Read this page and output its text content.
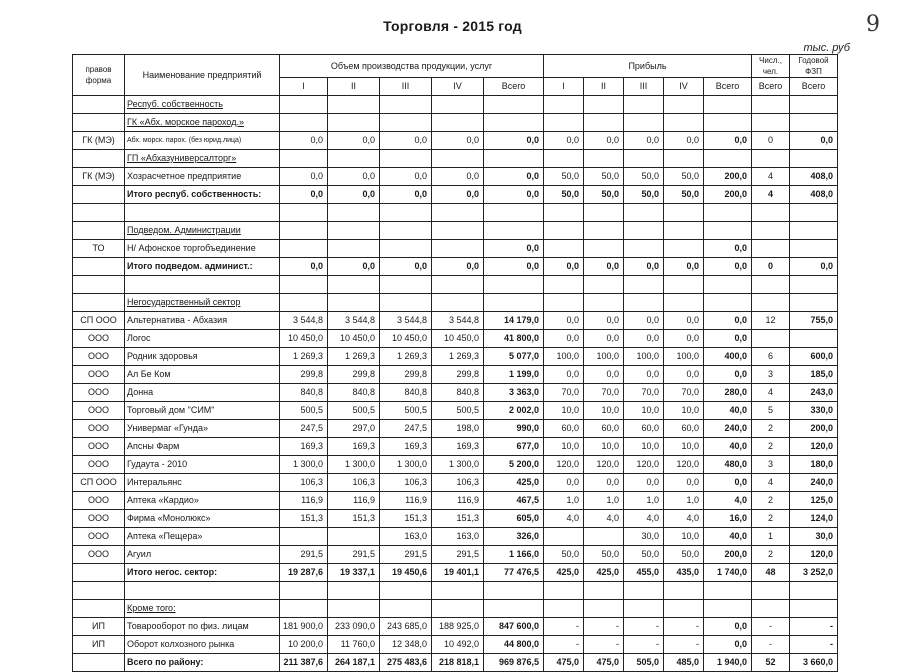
Торговля - 2015 год	9
тыс. руб
правов форма	Наименование предприятий	Объем производства продукции, услуг					Прибыль					Числ., чел.	Годовой ФЗП
		I	II	III	IV	Всего	I	II	III	IV	Всего	Всего	Всего
	Респуб. собственность												
	ГК «Абх. морское пароход.»												
ГК (МЭ)	Абх. морск. пароx. (без юрид.лица)	0,0	0,0	0,0	0,0	0,0	0,0	0,0	0,0	0,0	0,0	0	0,0
	ГП «Абхазуниверсалторг»												
ГК (МЭ)	Хозрасчетное предприятие	0,0	0,0	0,0	0,0	0,0	50,0	50,0	50,0	50,0	200,0	4	408,0
	Итого респуб. собственность:	0,0	0,0	0,0	0,0	0,0	50,0	50,0	50,0	50,0	200,0	4	408,0

	Подведом. Администрации												
ТО	Н/ Афонское торгобъединение					0,0					0,0		
	Итого подведом. админист.:	0,0	0,0	0,0	0,0	0,0	0,0	0,0	0,0	0,0	0,0	0	0,0

	Негосударственный сектор												
СП ООО	Альтернатива - Абхазия	3 544,8	3 544,8	3 544,8	3 544,8	14 179,0	0,0	0,0	0,0	0,0	0,0	12	755,0
ООО	Логос	10 450,0	10 450,0	10 450,0	10 450,0	41 800,0	0,0	0,0	0,0	0,0	0,0		
ООО	Родник здоровья	1 269,3	1 269,3	1 269,3	1 269,3	5 077,0	100,0	100,0	100,0	100,0	400,0	6	600,0
ООО	Ал Бе Ком	299,8	299,8	299,8	299,8	1 199,0	0,0	0,0	0,0	0,0	0,0	3	185,0
ООО	Донна	840,8	840,8	840,8	840,8	3 363,0	70,0	70,0	70,0	70,0	280,0	4	243,0
ООО	Торговый дом "СИМ"	500,5	500,5	500,5	500,5	2 002,0	10,0	10,0	10,0	10,0	40,0	5	330,0
ООО	Универмаг «Гунда»	247,5	297,0	247,5	198,0	990,0	60,0	60,0	60,0	60,0	240,0	2	200,0
ООО	Апсны Фарм	169,3	169,3	169,3	169,3	677,0	10,0	10,0	10,0	10,0	40,0	2	120,0
ООО	Гудаута - 2010	1 300,0	1 300,0	1 300,0	1 300,0	5 200,0	120,0	120,0	120,0	120,0	480,0	3	180,0
СП ООО	Интеральянс	106,3	106,3	106,3	106,3	425,0	0,0	0,0	0,0	0,0	0,0	4	240,0
ООО	Аптека «Кардио»	116,9	116,9	116,9	116,9	467,5	1,0	1,0	1,0	1,0	4,0	2	125,0
ООО	Фирма «Монолюкс»	151,3	151,3	151,3	151,3	605,0	4,0	4,0	4,0	4,0	16,0	2	124,0
ООО	Аптека «Пещера»			163,0	163,0	326,0			30,0	10,0	40,0	1	30,0
ООО	Агуил	291,5	291,5	291,5	291,5	1 166,0	50,0	50,0	50,0	50,0	200,0	2	120,0
	Итого негос. сектор:	19 287,6	19 337,1	19 450,6	19 401,1	77 476,5	425,0	425,0	455,0	435,0	1 740,0	48	3 252,0

	Кроме того:												
ИП	Товарооборот по физ. лицам	181 900,0	233 090,0	243 685,0	188 925,0	847 600,0	-	-	-	-	0,0	-	-
ИП	Оборот колхозного рынка	10 200,0	11 760,0	12 348,0	10 492,0	44 800,0	-	-	-	-	0,0	-	-
	Всего по району:	211 387,6	264 187,1	275 483,6	218 818,1	969 876,5	475,0	475,0	505,0	485,0	1 940,0	52	3 660,0
